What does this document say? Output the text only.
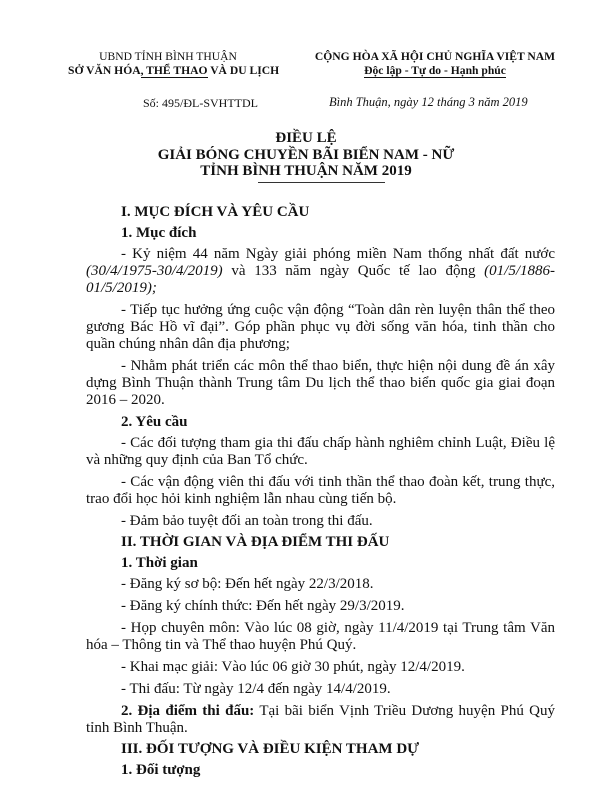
UBND TỈNH BÌNH THUẬN
SỞ VĂN HÓA, THỂ THAO VÀ DU LỊCH
CỘNG HÒA XÃ HỘI CHỦ NGHĨA VIỆT NAM
Độc lập - Tự do - Hạnh phúc
Số: 495/ĐL-SVHTTDL	Bình Thuận, ngày 12 tháng 3 năm 2019
ĐIỀU LỆ
GIẢI BÓNG CHUYỀN BÃI BIỂN NAM - NỮ
TỈNH BÌNH THUẬN NĂM 2019

I. MỤC ĐÍCH VÀ YÊU CẦU

1. Mục đích

- Kỷ niệm 44 năm Ngày giải phóng miền Nam thống nhất đất nước (30/4/1975-30/4/2019) và 133 năm ngày Quốc tế lao động (01/5/1886-01/5/2019);

- Tiếp tục hưởng ứng cuộc vận động “Toàn dân rèn luyện thân thể theo gương Bác Hồ vĩ đại”. Góp phần phục vụ đời sống văn hóa, tinh thần cho quần chúng nhân dân địa phương;

- Nhằm phát triển các môn thể thao biển, thực hiện nội dung đề án xây dựng Bình Thuận thành Trung tâm Du lịch thể thao biển quốc gia giai đoạn 2016 – 2020.

2. Yêu cầu

- Các đối tượng tham gia thi đấu chấp hành nghiêm chỉnh Luật, Điều lệ và những quy định của Ban Tổ chức.

- Các vận động viên thi đấu với tinh thần thể thao đoàn kết, trung thực, trao đổi học hỏi kinh nghiệm lẫn nhau cùng tiến bộ.

- Đảm bảo tuyệt đối an toàn trong thi đấu.

II. THỜI GIAN VÀ ĐỊA ĐIỂM THI ĐẤU

1. Thời gian

- Đăng ký sơ bộ: Đến hết ngày 22/3/2018.

- Đăng ký chính thức: Đến hết ngày 29/3/2019.

- Họp chuyên môn: Vào lúc 08 giờ, ngày 11/4/2019 tại Trung tâm Văn hóa – Thông tin và Thể thao huyện Phú Quý.

- Khai mạc giải: Vào lúc 06 giờ 30 phút, ngày 12/4/2019.

- Thi đấu: Từ ngày 12/4 đến ngày 14/4/2019.

2. Địa điểm thi đấu: Tại bãi biển Vịnh Triều Dương huyện Phú Quý tỉnh Bình Thuận.

III. ĐỐI TƯỢNG VÀ ĐIỀU KIỆN THAM DỰ

1. Đối tượng
